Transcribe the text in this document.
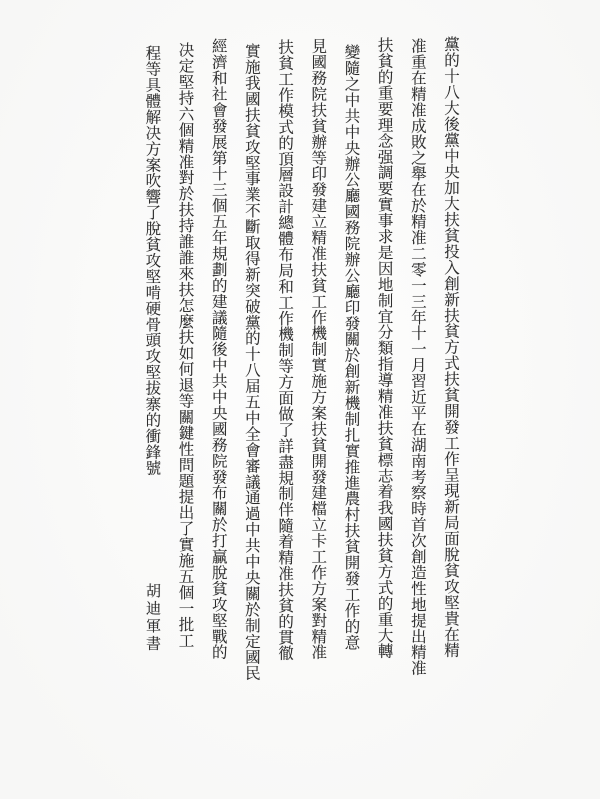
黨的十八大後黨中央加大扶貧投入創新扶貧方式扶貧開發工作呈現新局面脫貧攻堅貴在精
准重在精准成敗之舉在於精准二零一三年十一月習近平在湖南考察時首次創造性地提出精准
扶貧的重要理念强調要實事求是因地制宜分類指導精准扶貧標志着我國扶貧方式的重大轉
變隨之中共中央辦公廳國務院辦公廳印發關於創新機制扎實推進農村扶貧開發工作的意
見國務院扶貧辦等印發建立精准扶貧工作機制實施方案扶貧開發建檔立卡工作方案對精准
扶貧工作模式的頂層設計總體布局和工作機制等方面做了詳盡規制伴隨着精准扶貧的貫徹
實施我國扶貧攻堅事業不斷取得新突破黨的十八届五中全會審議通過中共中央關於制定國民
經濟和社會發展第十三個五年規劃的建議隨後中共中央國務院發布關於打贏脫貧攻堅戰的
决定堅持六個精准對於扶持誰誰來扶怎麼扶如何退等關鍵性問題提出了實施五個一批工
程等具體解决方案吹響了脫貧攻堅啃硬骨頭攻堅拔寨的衝鋒號
胡迪軍書
